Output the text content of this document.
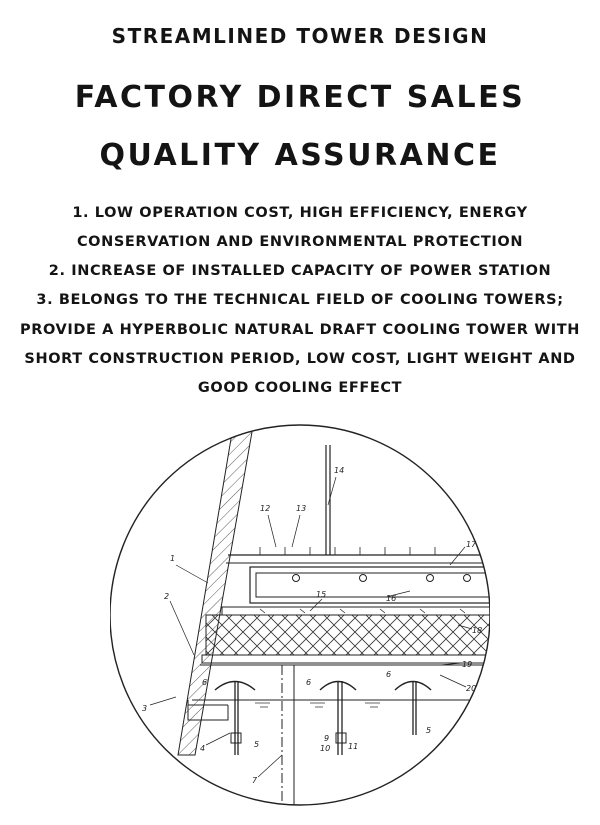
STREAMLINED TOWER DESIGN
FACTORY DIRECT SALES
QUALITY ASSURANCE
1. LOW OPERATION COST, HIGH EFFICIENCY, ENERGY
CONSERVATION AND ENVIRONMENTAL PROTECTION
2. INCREASE OF INSTALLED CAPACITY OF POWER STATION
3. BELONGS TO THE TECHNICAL FIELD OF COOLING TOWERS;
PROVIDE A HYPERBOLIC NATURAL DRAFT COOLING TOWER WITH
SHORT CONSTRUCTION PERIOD, LOW COST, LIGHT WEIGHT AND
GOOD COOLING EFFECT
1
2
3
4	5
5
6	6
6
7
9
10 11
12	13
14
15	16
17
18
19
20
